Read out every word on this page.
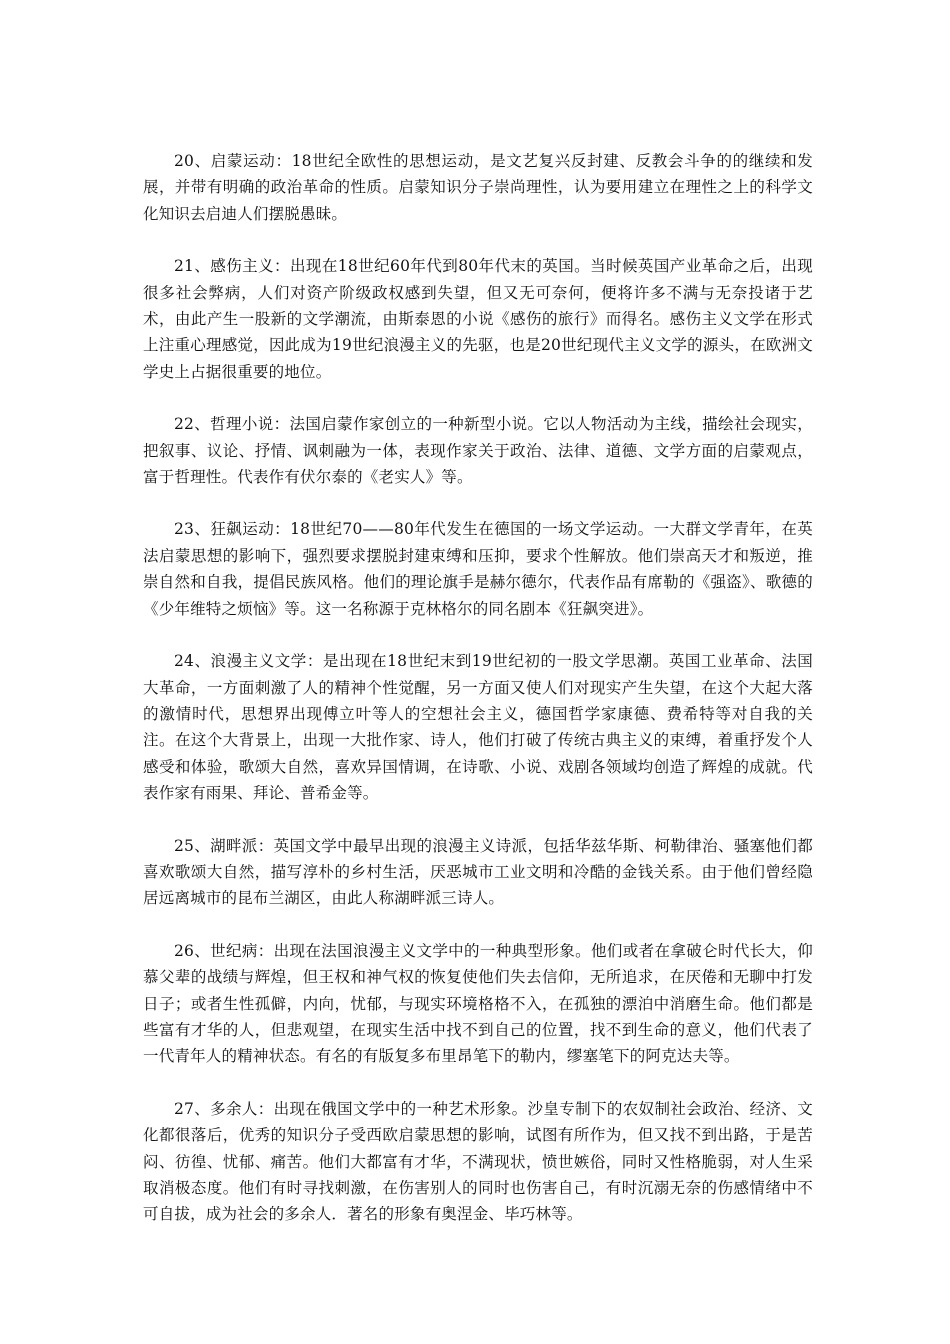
20、启蒙运动：18世纪全欧性的思想运动，是文艺复兴反封建、反教会斗争的的继续和发展，并带有明确的政治革命的性质。启蒙知识分子崇尚理性，认为要用建立在理性之上的科学文化知识去启迪人们摆脱愚昧。

21、感伤主义：出现在18世纪60年代到80年代末的英国。当时候英国产业革命之后，出现很多社会弊病，人们对资产阶级政权感到失望，但又无可奈何，便将许多不满与无奈投诸于艺术，由此产生一股新的文学潮流，由斯泰恩的小说《感伤的旅行》而得名。感伤主义文学在形式上注重心理感觉，因此成为19世纪浪漫主义的先驱，也是20世纪现代主义文学的源头，在欧洲文学史上占据很重要的地位。

22、哲理小说：法国启蒙作家创立的一种新型小说。它以人物活动为主线，描绘社会现实，把叙事、议论、抒情、讽刺融为一体，表现作家关于政治、法律、道德、文学方面的启蒙观点，富于哲理性。代表作有伏尔泰的《老实人》等。

23、狂飙运动：18世纪70——80年代发生在德国的一场文学运动。一大群文学青年，在英法启蒙思想的影响下，强烈要求摆脱封建束缚和压抑，要求个性解放。他们崇高天才和叛逆，推崇自然和自我，提倡民族风格。他们的理论旗手是赫尔德尔，代表作品有席勒的《强盗》、歌德的《少年维特之烦恼》等。这一名称源于克林格尔的同名剧本《狂飙突进》。

24、浪漫主义文学：是出现在18世纪末到19世纪初的一股文学思潮。英国工业革命、法国大革命，一方面刺激了人的精神个性觉醒，另一方面又使人们对现实产生失望，在这个大起大落的激情时代，思想界出现傅立叶等人的空想社会主义，德国哲学家康德、费希特等对自我的关注。在这个大背景上，出现一大批作家、诗人，他们打破了传统古典主义的束缚，着重抒发个人感受和体验，歌颂大自然，喜欢异国情调，在诗歌、小说、戏剧各领域均创造了辉煌的成就。代表作家有雨果、拜论、普希金等。

25、湖畔派：英国文学中最早出现的浪漫主义诗派，包括华兹华斯、柯勒律治、骚塞他们都喜欢歌颂大自然，描写淳朴的乡村生活，厌恶城市工业文明和冷酷的金钱关系。由于他们曾经隐居远离城市的昆布兰湖区，由此人称湖畔派三诗人。

26、世纪病：出现在法国浪漫主义文学中的一种典型形象。他们或者在拿破仑时代长大，仰慕父辈的战绩与辉煌，但王权和神气权的恢复使他们失去信仰，无所追求，在厌倦和无聊中打发日子；或者生性孤僻，内向，忧郁，与现实环境格格不入，在孤独的漂泊中消磨生命。他们都是些富有才华的人，但悲观望，在现实生活中找不到自己的位置，找不到生命的意义，他们代表了一代青年人的精神状态。有名的有版复多布里昂笔下的勒内，缪塞笔下的阿克达夫等。

27、多余人：出现在俄国文学中的一种艺术形象。沙皇专制下的农奴制社会政治、经济、文化都很落后，优秀的知识分子受西欧启蒙思想的影响，试图有所作为，但又找不到出路，于是苦闷、彷徨、忧郁、痛苦。他们大都富有才华，不满现状，愤世嫉俗，同时又性格脆弱，对人生采取消极态度。他们有时寻找刺激，在伤害别人的同时也伤害自己，有时沉溺无奈的伤感情绪中不可自拔，成为社会的多余人．著名的形象有奥涅金、毕巧林等。
